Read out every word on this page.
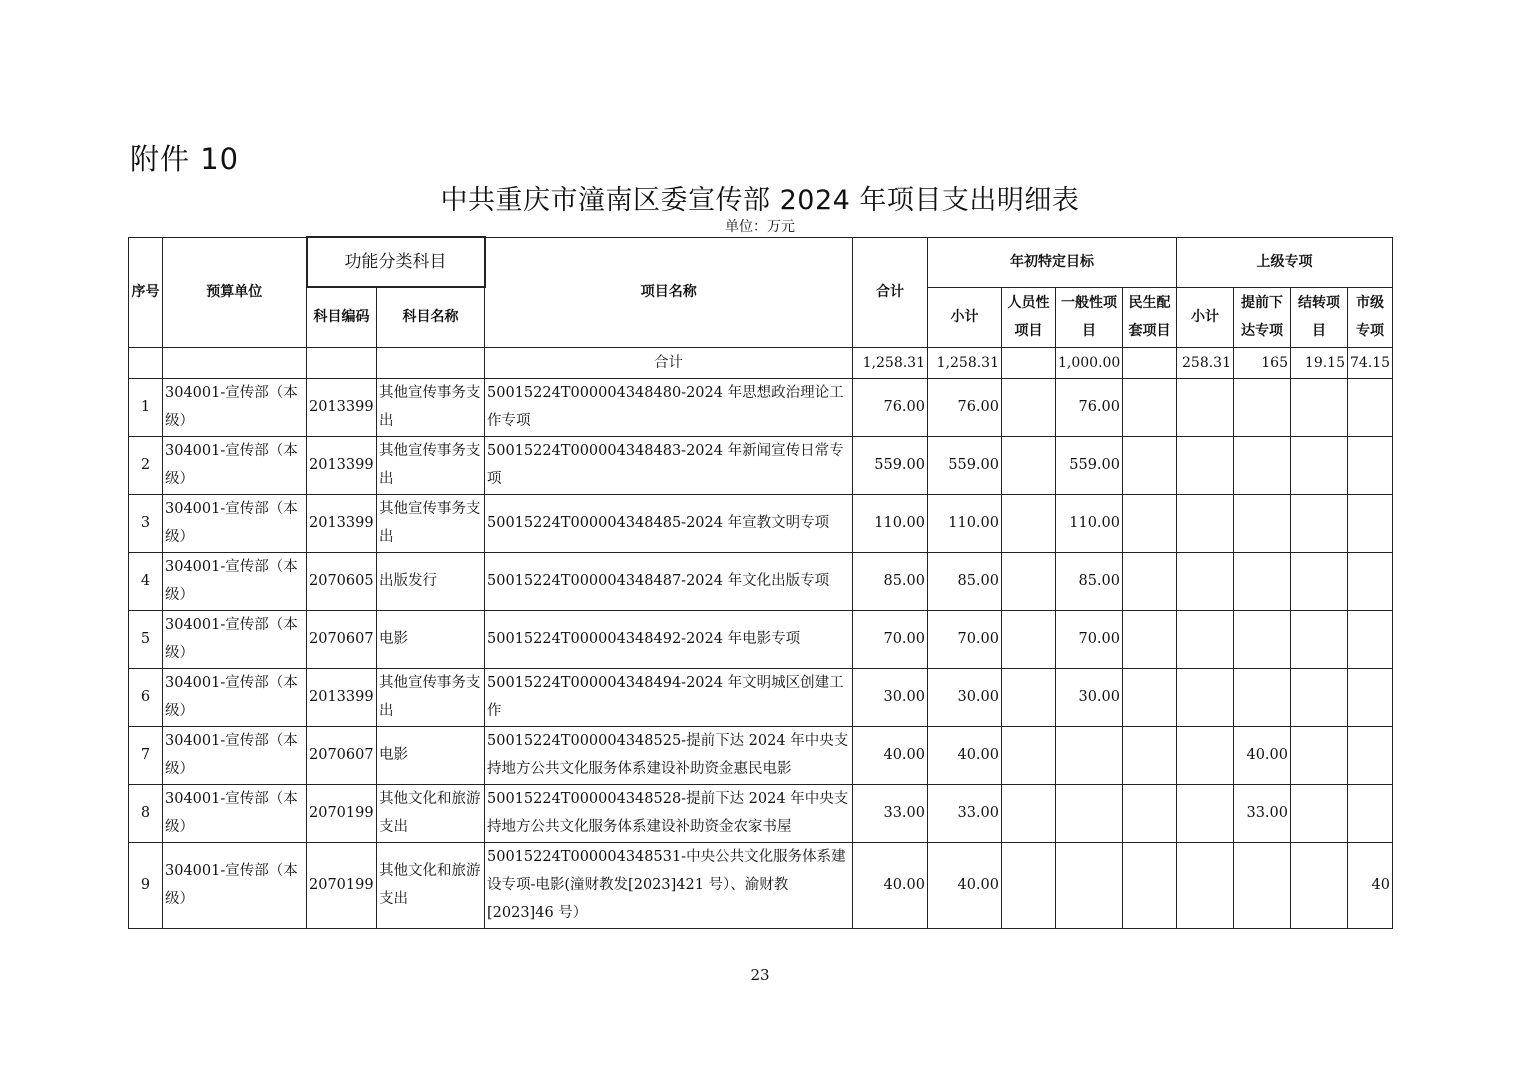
附件 10
中共重庆市潼南区委宣传部 2024 年项目支出明细表
单位：万元
序号	预算单位	功能分类科目		项目名称	合计	年初特定目标				上级专项			
		科目编码	科目名称			小计	人员性项目	一般性项目	民生配套项目	小计	提前下达专项	结转项目	市级专项
				合计	1,258.31	1,258.31		1,000.00		258.31	165	19.15	74.15
1	304001-宣传部（本级）	2013399	其他宣传事务支出	50015224T000004348480-2024 年思想政治理论工作专项	76.00	76.00		76.00					
2	304001-宣传部（本级）	2013399	其他宣传事务支出	50015224T000004348483-2024 年新闻宣传日常专项	559.00	559.00		559.00					
3	304001-宣传部（本级）	2013399	其他宣传事务支出	50015224T000004348485-2024 年宣教文明专项	110.00	110.00		110.00					
4	304001-宣传部（本级）	2070605	出版发行	50015224T000004348487-2024 年文化出版专项	85.00	85.00		85.00					
5	304001-宣传部（本级）	2070607	电影	50015224T000004348492-2024 年电影专项	70.00	70.00		70.00					
6	304001-宣传部（本级）	2013399	其他宣传事务支出	50015224T000004348494-2024 年文明城区创建工作	30.00	30.00		30.00					
7	304001-宣传部（本级）	2070607	电影	50015224T000004348525-提前下达 2024 年中央支持地方公共文化服务体系建设补助资金惠民电影	40.00	40.00					40.00		
8	304001-宣传部（本级）	2070199	其他文化和旅游支出	50015224T000004348528-提前下达 2024 年中央支持地方公共文化服务体系建设补助资金农家书屋	33.00	33.00					33.00		
9	304001-宣传部（本级）	2070199	其他文化和旅游支出	50015224T000004348531-中央公共文化服务体系建设专项-电影(潼财教发[2023]421 号）、渝财教[2023]46 号）	40.00	40.00							40
23
